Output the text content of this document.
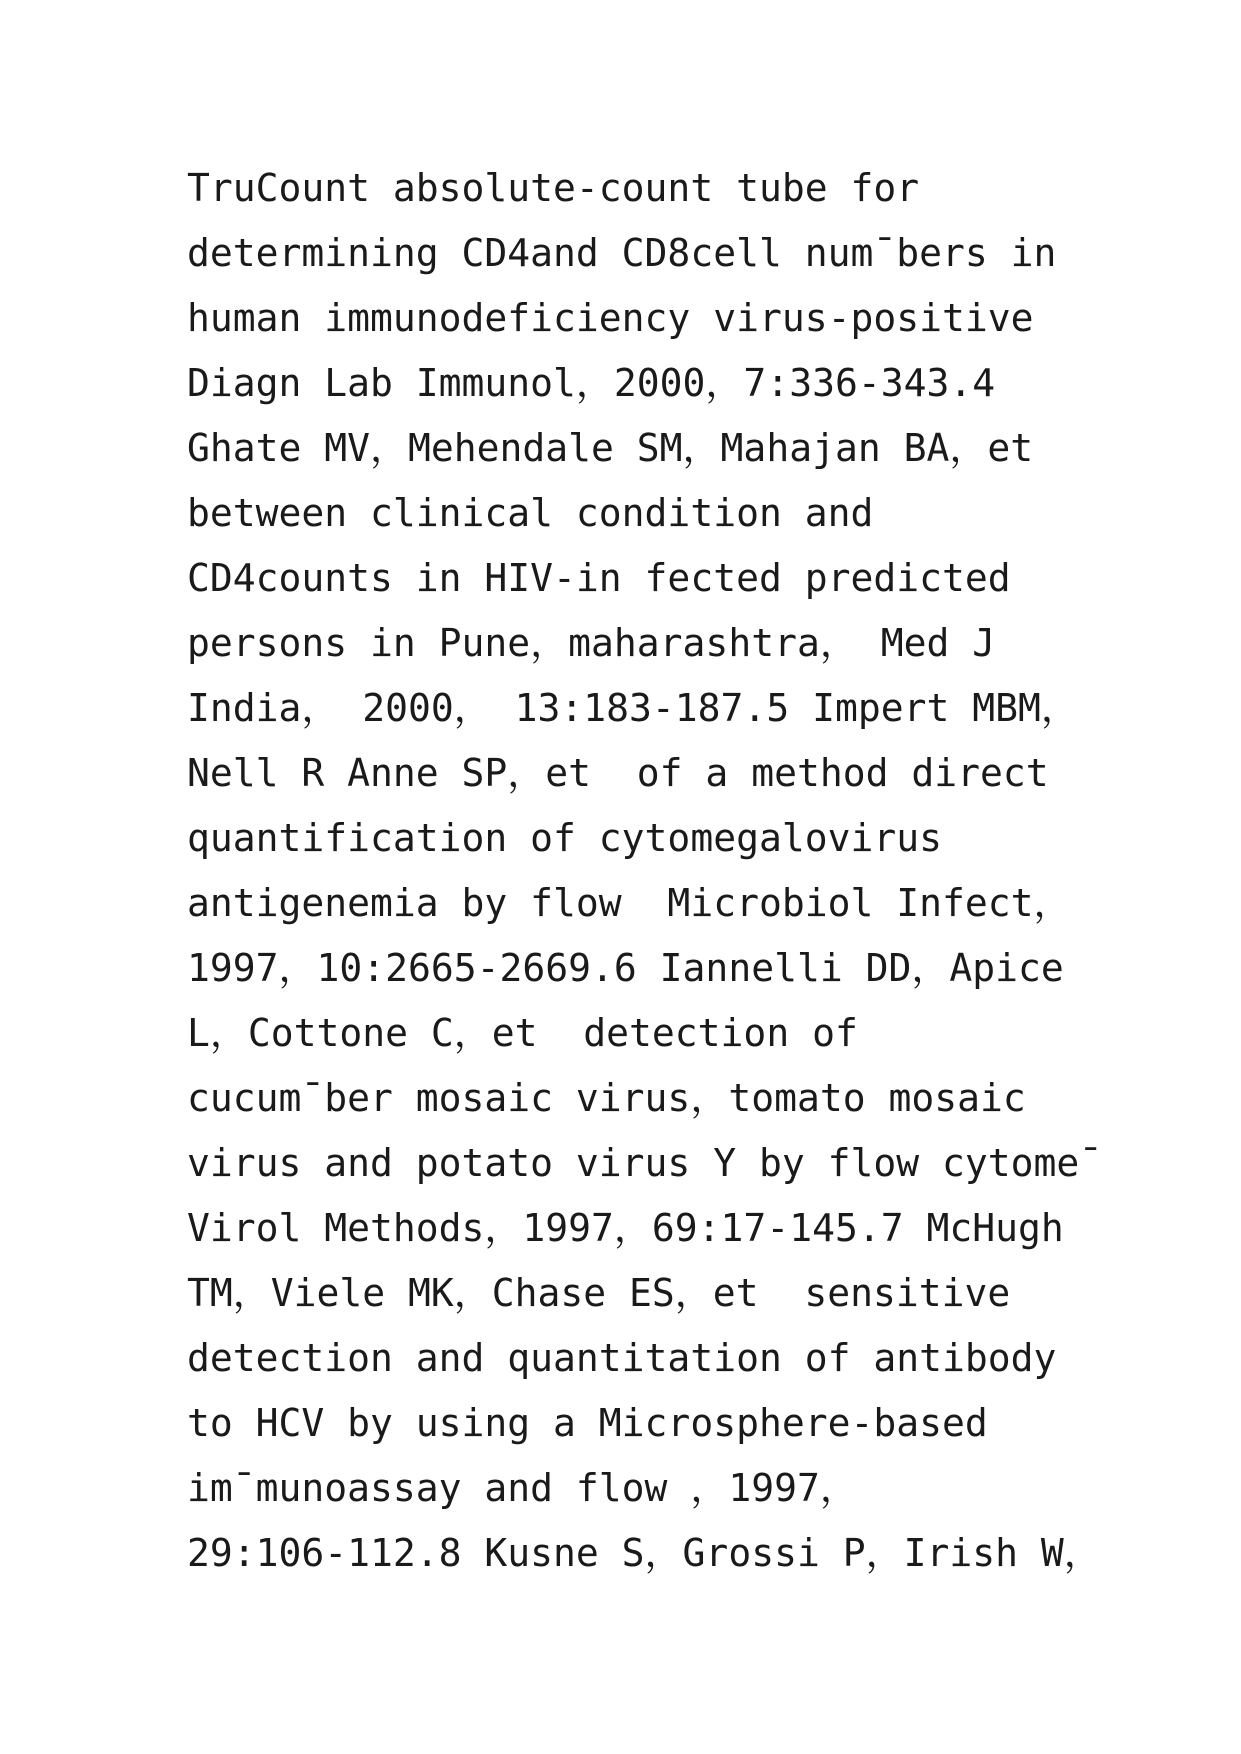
TruCount absolute-count tube for
determining CD4and CD8cell num¯bers in
human immunodeficiency virus-positive
Diagn Lab Immunol，2000，7:336-343.4
Ghate MV，Mehendale SM，Mahajan BA，et
between clinical condition and
CD4counts in HIV-in fected predicted
persons in Pune，maharashtra， Med J
India， 2000， 13:183-187.5 Impert MBM，
Nell R Anne SP，et  of a method direct
quantification of cytomegalovirus
antigenemia by flow  Microbiol Infect，
1997，10:2665-2669.6 Iannelli DD，Apice
L，Cottone C，et  detection of
cucum¯ber mosaic virus，tomato mosaic
virus and potato virus Y by flow cytome¯
Virol Methods，1997，69:17-145.7 McHugh
TM，Viele MK，Chase ES，et  sensitive
detection and quantitation of antibody
to HCV by using a Microsphere-based
im¯munoassay and flow ，1997，
29:106-112.8 Kusne S，Grossi P，Irish W，
